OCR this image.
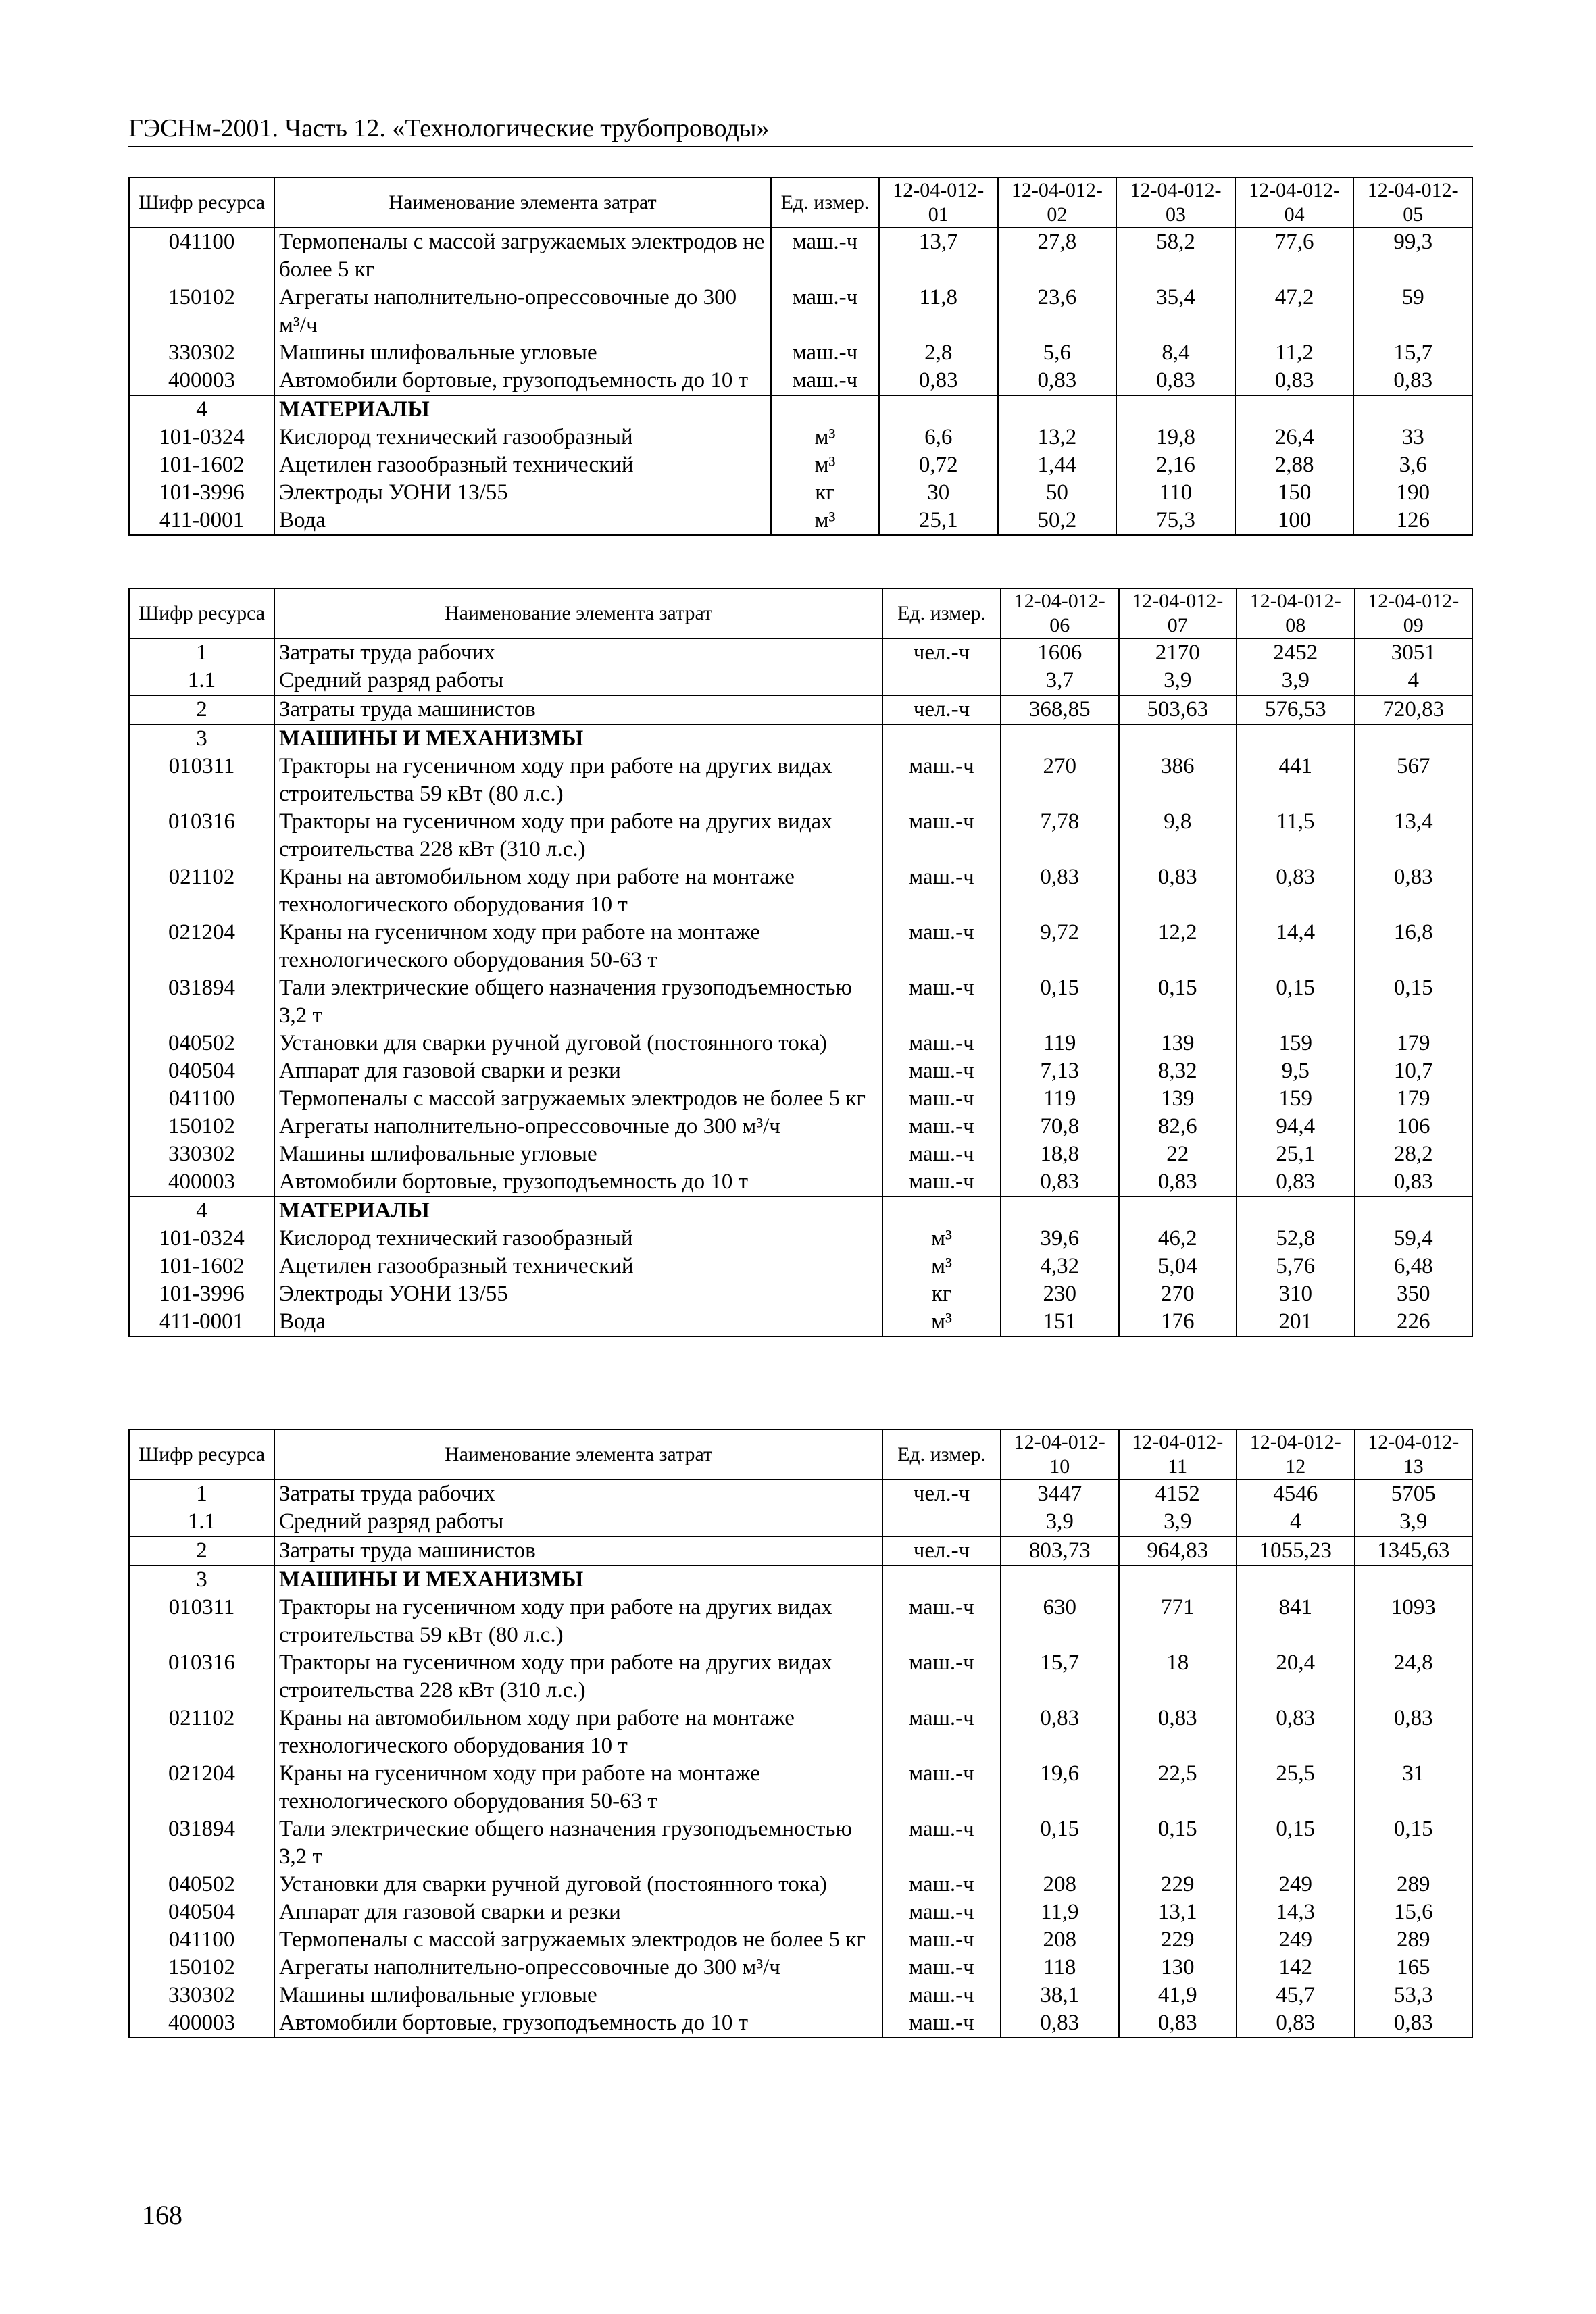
ГЭСНм-2001. Часть 12. «Технологические трубопроводы»
Шифр ресурса	Наименование элемента затрат	Ед. измер.	12-04-012-01	12-04-012-02	12-04-012-03	12-04-012-04	12-04-012-05
041100	Термопеналы с массой загружаемых электродов не более 5 кг	маш.-ч	13,7	27,8	58,2	77,6	99,3
150102	Агрегаты наполнительно-опрессовочные до 300 м³/ч	маш.-ч	11,8	23,6	35,4	47,2	59
330302	Машины шлифовальные угловые	маш.-ч	2,8	5,6	8,4	11,2	15,7
400003	Автомобили бортовые, грузоподъемность до 10 т	маш.-ч	0,83	0,83	0,83	0,83	0,83
4	МАТЕРИАЛЫ						
101-0324	Кислород технический газообразный	м³	6,6	13,2	19,8	26,4	33
101-1602	Ацетилен газообразный технический	м³	0,72	1,44	2,16	2,88	3,6
101-3996	Электроды УОНИ 13/55	кг	30	50	110	150	190
411-0001	Вода	м³	25,1	50,2	75,3	100	126
Шифр ресурса	Наименование элемента затрат	Ед. измер.	12-04-012-06	12-04-012-07	12-04-012-08	12-04-012-09
1	Затраты труда рабочих	чел.-ч	1606	2170	2452	3051
1.1	Средний разряд работы		3,7	3,9	3,9	4
2	Затраты труда машинистов	чел.-ч	368,85	503,63	576,53	720,83
3	МАШИНЫ И МЕХАНИЗМЫ					
010311	Тракторы на гусеничном ходу при работе на других видах строительства 59 кВт (80 л.с.)	маш.-ч	270	386	441	567
010316	Тракторы на гусеничном ходу при работе на других видах строительства 228 кВт (310 л.с.)	маш.-ч	7,78	9,8	11,5	13,4
021102	Краны на автомобильном ходу при работе на монтаже технологического оборудования 10 т	маш.-ч	0,83	0,83	0,83	0,83
021204	Краны на гусеничном ходу при работе на монтаже технологического оборудования 50-63 т	маш.-ч	9,72	12,2	14,4	16,8
031894	Тали электрические общего назначения грузоподъемностью 3,2 т	маш.-ч	0,15	0,15	0,15	0,15
040502	Установки для сварки ручной дуговой (постоянного тока)	маш.-ч	119	139	159	179
040504	Аппарат для газовой сварки и резки	маш.-ч	7,13	8,32	9,5	10,7
041100	Термопеналы с массой загружаемых электродов не более 5 кг	маш.-ч	119	139	159	179
150102	Агрегаты наполнительно-опрессовочные до 300 м³/ч	маш.-ч	70,8	82,6	94,4	106
330302	Машины шлифовальные угловые	маш.-ч	18,8	22	25,1	28,2
400003	Автомобили бортовые, грузоподъемность до 10 т	маш.-ч	0,83	0,83	0,83	0,83
4	МАТЕРИАЛЫ					
101-0324	Кислород технический газообразный	м³	39,6	46,2	52,8	59,4
101-1602	Ацетилен газообразный технический	м³	4,32	5,04	5,76	6,48
101-3996	Электроды УОНИ 13/55	кг	230	270	310	350
411-0001	Вода	м³	151	176	201	226
Шифр ресурса	Наименование элемента затрат	Ед. измер.	12-04-012-10	12-04-012-11	12-04-012-12	12-04-012-13
1	Затраты труда рабочих	чел.-ч	3447	4152	4546	5705
1.1	Средний разряд работы		3,9	3,9	4	3,9
2	Затраты труда машинистов	чел.-ч	803,73	964,83	1055,23	1345,63
3	МАШИНЫ И МЕХАНИЗМЫ					
010311	Тракторы на гусеничном ходу при работе на других видах строительства 59 кВт (80 л.с.)	маш.-ч	630	771	841	1093
010316	Тракторы на гусеничном ходу при работе на других видах строительства 228 кВт (310 л.с.)	маш.-ч	15,7	18	20,4	24,8
021102	Краны на автомобильном ходу при работе на монтаже технологического оборудования 10 т	маш.-ч	0,83	0,83	0,83	0,83
021204	Краны на гусеничном ходу при работе на монтаже технологического оборудования 50-63 т	маш.-ч	19,6	22,5	25,5	31
031894	Тали электрические общего назначения грузоподъемностью 3,2 т	маш.-ч	0,15	0,15	0,15	0,15
040502	Установки для сварки ручной дуговой (постоянного тока)	маш.-ч	208	229	249	289
040504	Аппарат для газовой сварки и резки	маш.-ч	11,9	13,1	14,3	15,6
041100	Термопеналы с массой загружаемых электродов не более 5 кг	маш.-ч	208	229	249	289
150102	Агрегаты наполнительно-опрессовочные до 300 м³/ч	маш.-ч	118	130	142	165
330302	Машины шлифовальные угловые	маш.-ч	38,1	41,9	45,7	53,3
400003	Автомобили бортовые, грузоподъемность до 10 т	маш.-ч	0,83	0,83	0,83	0,83
168
